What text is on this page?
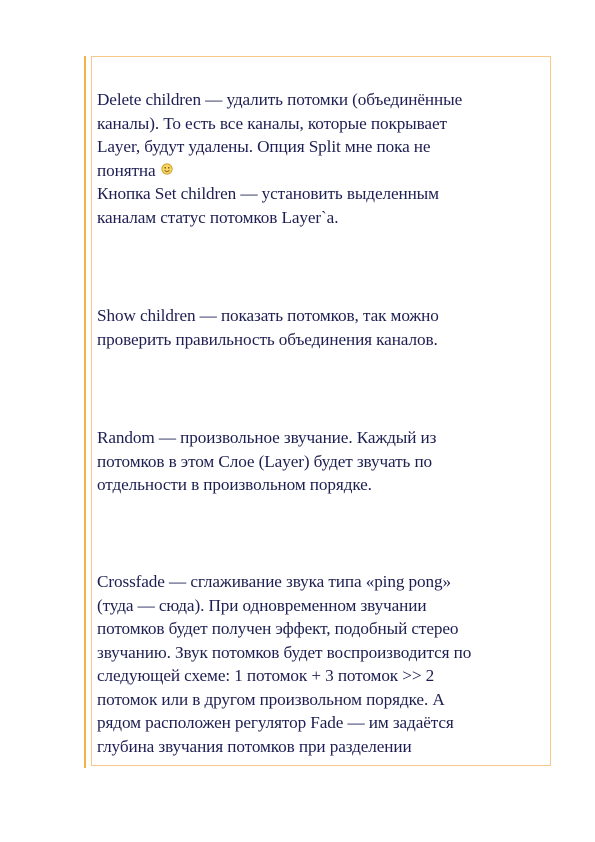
Delete children — удалить потомки (объединённые
каналы). То есть все каналы, которые покрывает
Layer, будут удалены. Опция Split мне пока не
понятна

Кнопка Set children — установить выделенным
каналам статус потомков Layer`a.

Show children — показать потомков, так можно
проверить правильность объединения каналов.

Random — произвольное звучание. Каждый из
потомков в этом Слое (Layer) будет звучать по
отдельности в произвольном порядке.

Crossfade — сглаживание звука типа «ping pong»
(туда — сюда). При одновременном звучании
потомков будет получен эффект, подобный стерео
звучанию. Звук потомков будет воспроизводится по
следующей схеме: 1 потомок + 3 потомок >> 2
потомок или в другом произвольном порядке. А
рядом расположен регулятор Fade — им задаётся
глубина звучания потомков при разделении
